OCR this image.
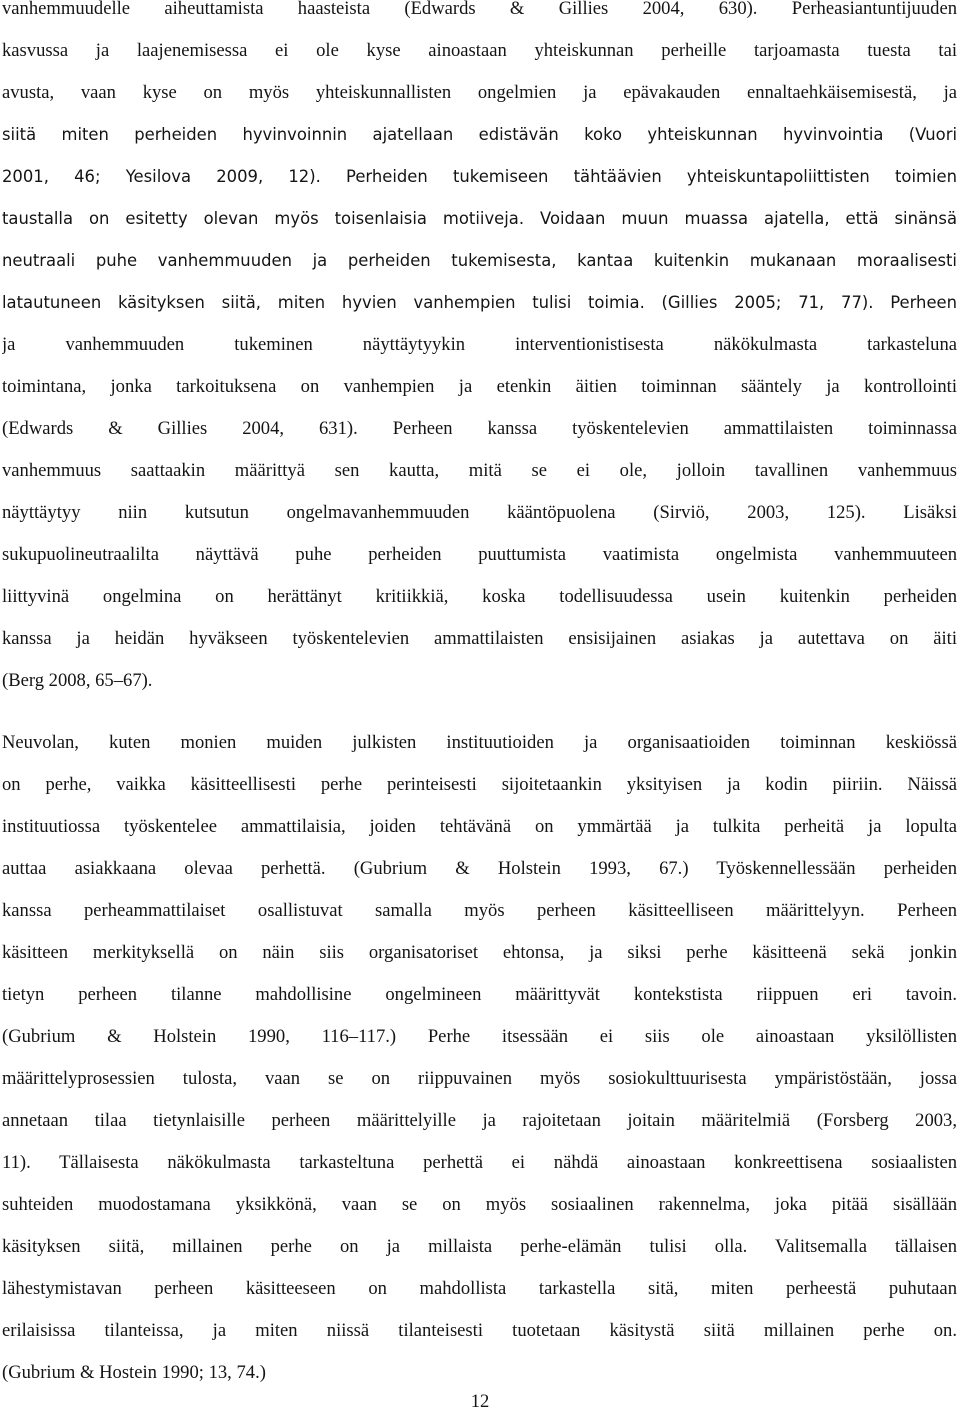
vanhemmuudelle aiheuttamista haasteista (Edwards & Gillies 2004, 630). Perheasiantuntijuuden
kasvussa ja laajenemisessa ei ole kyse ainoastaan yhteiskunnan perheille tarjoamasta tuesta tai
avusta, vaan kyse on myös yhteiskunnallisten ongelmien ja epävakauden ennaltaehkäisemisestä, ja
siitä miten perheiden hyvinvoinnin ajatellaan edistävän koko yhteiskunnan hyvinvointia (Vuori
2001, 46; Yesilova 2009, 12). Perheiden tukemiseen tähtäävien yhteiskuntapoliittisten toimien
taustalla on esitetty olevan myös toisenlaisia motiiveja. Voidaan muun muassa ajatella, että sinänsä
neutraali puhe vanhemmuuden ja perheiden tukemisesta, kantaa kuitenkin mukanaan moraalisesti
latautuneen käsityksen siitä, miten hyvien vanhempien tulisi toimia. (Gillies 2005; 71, 77). Perheen
ja vanhemmuuden tukeminen näyttäytyykin interventionistisesta näkökulmasta tarkasteluna
toimintana, jonka tarkoituksena on vanhempien ja etenkin äitien toiminnan sääntely ja kontrollointi
(Edwards & Gillies 2004, 631). Perheen kanssa työskentelevien ammattilaisten toiminnassa
vanhemmuus saattaakin määrittyä sen kautta, mitä se ei ole, jolloin tavallinen vanhemmuus
näyttäytyy niin kutsutun ongelmavanhemmuuden kääntöpuolena (Sirviö, 2003, 125). Lisäksi
sukupuolineutraalilta näyttävä puhe perheiden puuttumista vaatimista ongelmista vanhemmuuteen
liittyvinä ongelmina on herättänyt kritiikkiä, koska todellisuudessa usein kuitenkin perheiden
kanssa ja heidän hyväkseen työskentelevien ammattilaisten ensisijainen asiakas ja autettava on äiti
(Berg 2008, 65–67).
Neuvolan, kuten monien muiden julkisten instituutioiden ja organisaatioiden toiminnan keskiössä
on perhe, vaikka käsitteellisesti perhe perinteisesti sijoitetaankin yksityisen ja kodin piiriin. Näissä
instituutiossa työskentelee ammattilaisia, joiden tehtävänä on ymmärtää ja tulkita perheitä ja lopulta
auttaa asiakkaana olevaa perhettä. (Gubrium & Holstein 1993, 67.) Työskennellessään perheiden
kanssa perheammattilaiset osallistuvat samalla myös perheen käsitteelliseen määrittelyyn. Perheen
käsitteen merkityksellä on näin siis organisatoriset ehtonsa, ja siksi perhe käsitteenä sekä jonkin
tietyn perheen tilanne mahdollisine ongelmineen määrittyvät kontekstista riippuen eri tavoin.
(Gubrium & Holstein 1990, 116–117.) Perhe itsessään ei siis ole ainoastaan yksilöllisten
määrittelyprosessien tulosta, vaan se on riippuvainen myös sosiokulttuurisesta ympäristöstään, jossa
annetaan tilaa tietynlaisille perheen määrittelyille ja rajoitetaan joitain määritelmiä (Forsberg 2003,
11). Tällaisesta näkökulmasta tarkasteltuna perhettä ei nähdä ainoastaan konkreettisena sosiaalisten
suhteiden muodostamana yksikkönä, vaan se on myös sosiaalinen rakennelma, joka pitää sisällään
käsityksen siitä, millainen perhe on ja millaista perhe-elämän tulisi olla. Valitsemalla tällaisen
lähestymistavan perheen käsitteeseen on mahdollista tarkastella sitä, miten perheestä puhutaan
erilaisissa tilanteissa, ja miten niissä tilanteisesti tuotetaan käsitystä siitä millainen perhe on.
(Gubrium & Hostein 1990; 13, 74.)
12
